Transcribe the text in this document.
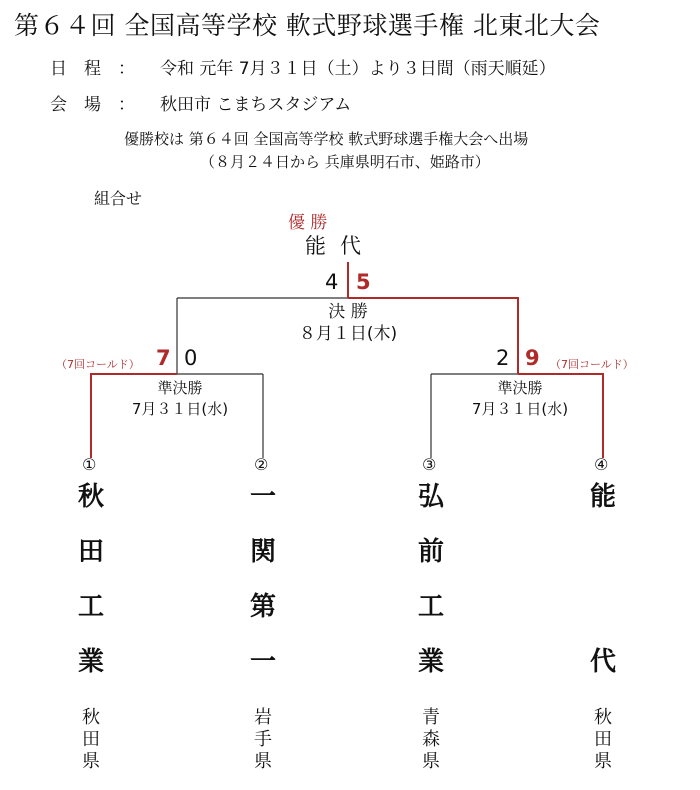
第６４回 全国高等学校 軟式野球選手権 北東北大会
日　程　： 令和 元年 7月３１日（土）より３日間（雨天順延）
会　場　： 秋田市 こまちスタジアム
優勝校は 第６４回 全国高等学校 軟式野球選手権大会へ出場
（８月２４日から 兵庫県明石市、姫路市）
組合せ
優 勝
能代
4 5
決 勝
８月１日(木)
（7回コールド） 7 0
準決勝
7月３１日(水)
2 9 （7回コールド）
準決勝
7月３１日(水)
①	②	③	④
秋
田
工
業
秋
田
県
一
関
第
一
岩
手
県
弘
前
工
業
青
森
県
能
代
秋
田
県
